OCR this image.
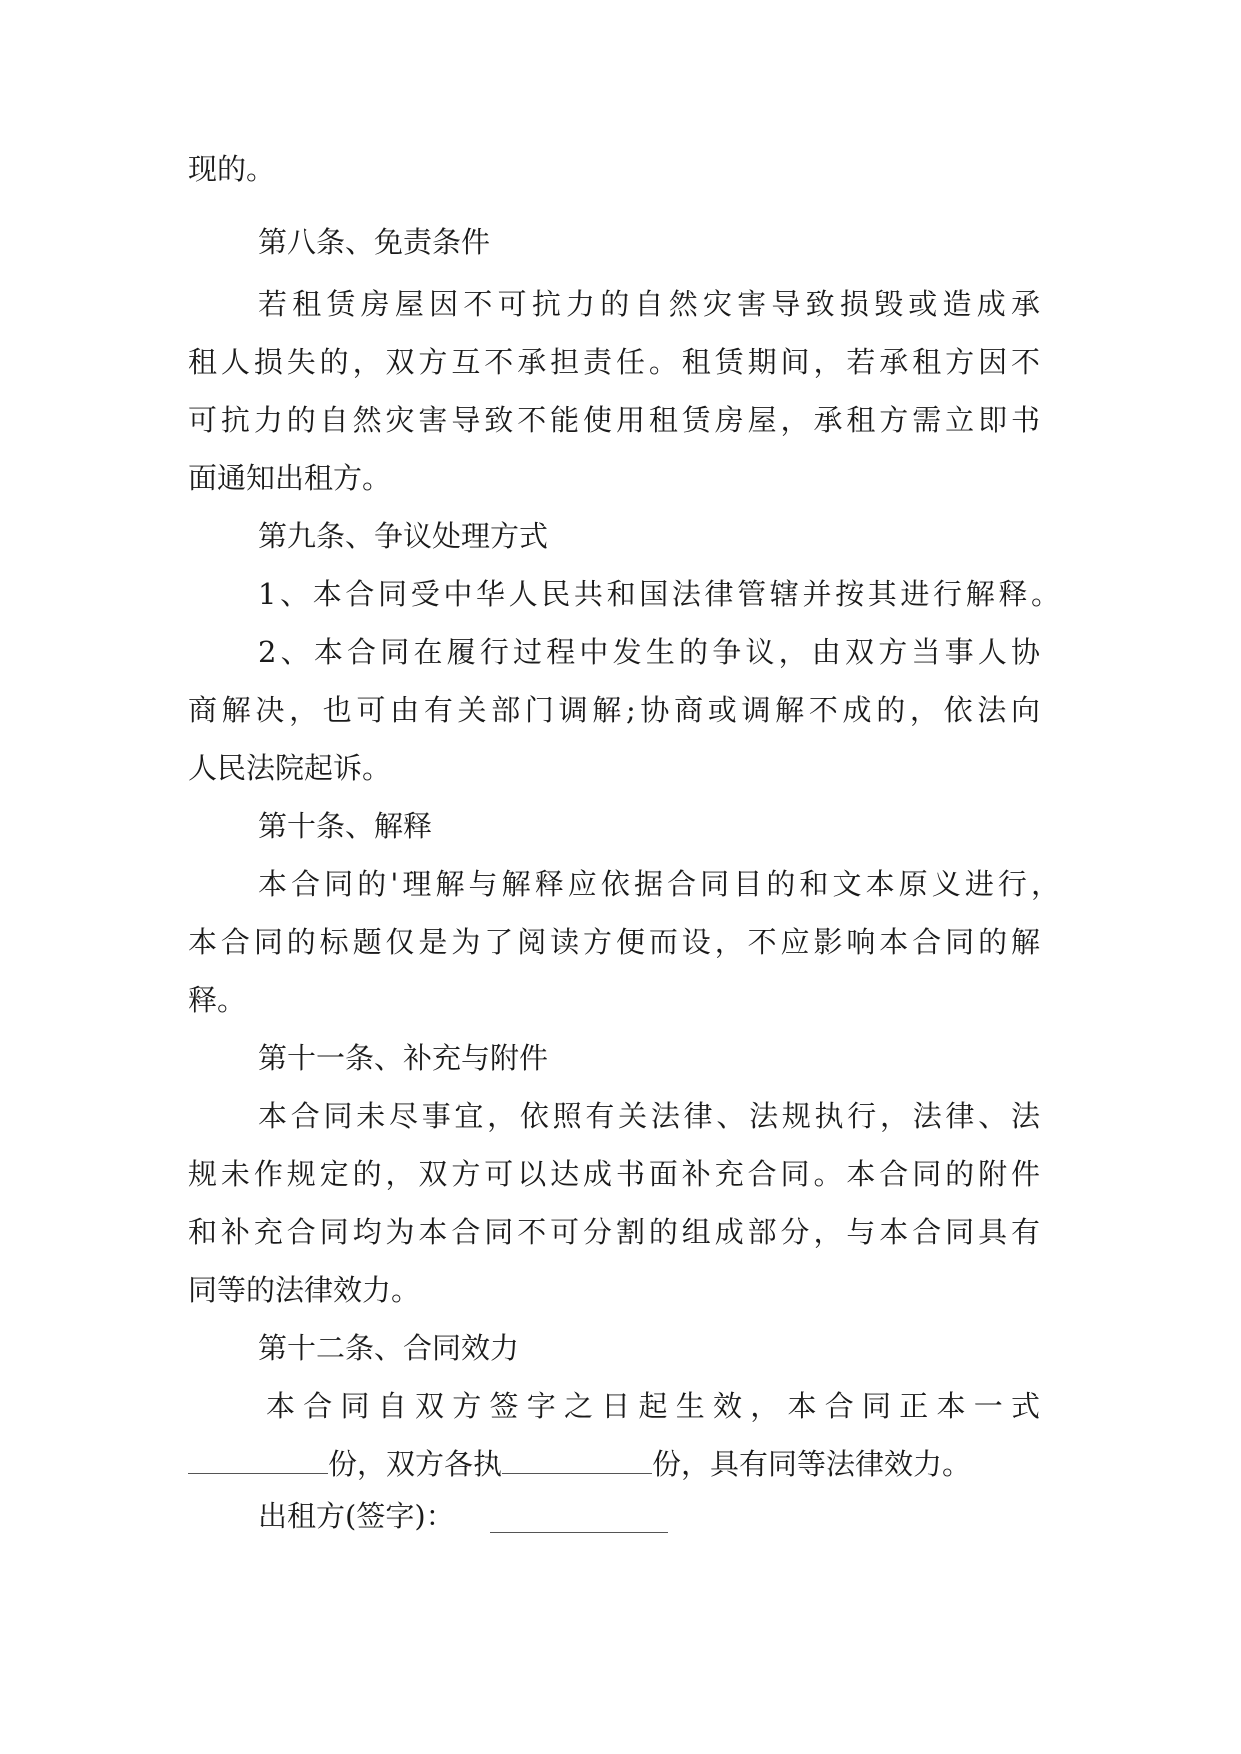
现的。
第八条、免责条件
若租赁房屋因不可抗力的自然灾害导致损毁或造成承
租人损失的，双方互不承担责任。租赁期间，若承租方因不
可抗力的自然灾害导致不能使用租赁房屋，承租方需立即书
面通知出租方。
第九条、争议处理方式
1、本合同受中华人民共和国法律管辖并按其进行解释。
2、本合同在履行过程中发生的争议，由双方当事人协
商解决，也可由有关部门调解;协商或调解不成的，依法向
人民法院起诉。
第十条、解释
本合同的'理解与解释应依据合同目的和文本原义进行，
本合同的标题仅是为了阅读方便而设，不应影响本合同的解
释。
第十一条、补充与附件
本合同未尽事宜，依照有关法律、法规执行，法律、法
规未作规定的，双方可以达成书面补充合同。本合同的附件
和补充合同均为本合同不可分割的组成部分，与本合同具有
同等的法律效力。
第十二条、合同效力
本合同自双方签字之日起生效，本合同正本一式
份，双方各执	份，具有同等法律效力。
出租方(签字)：
